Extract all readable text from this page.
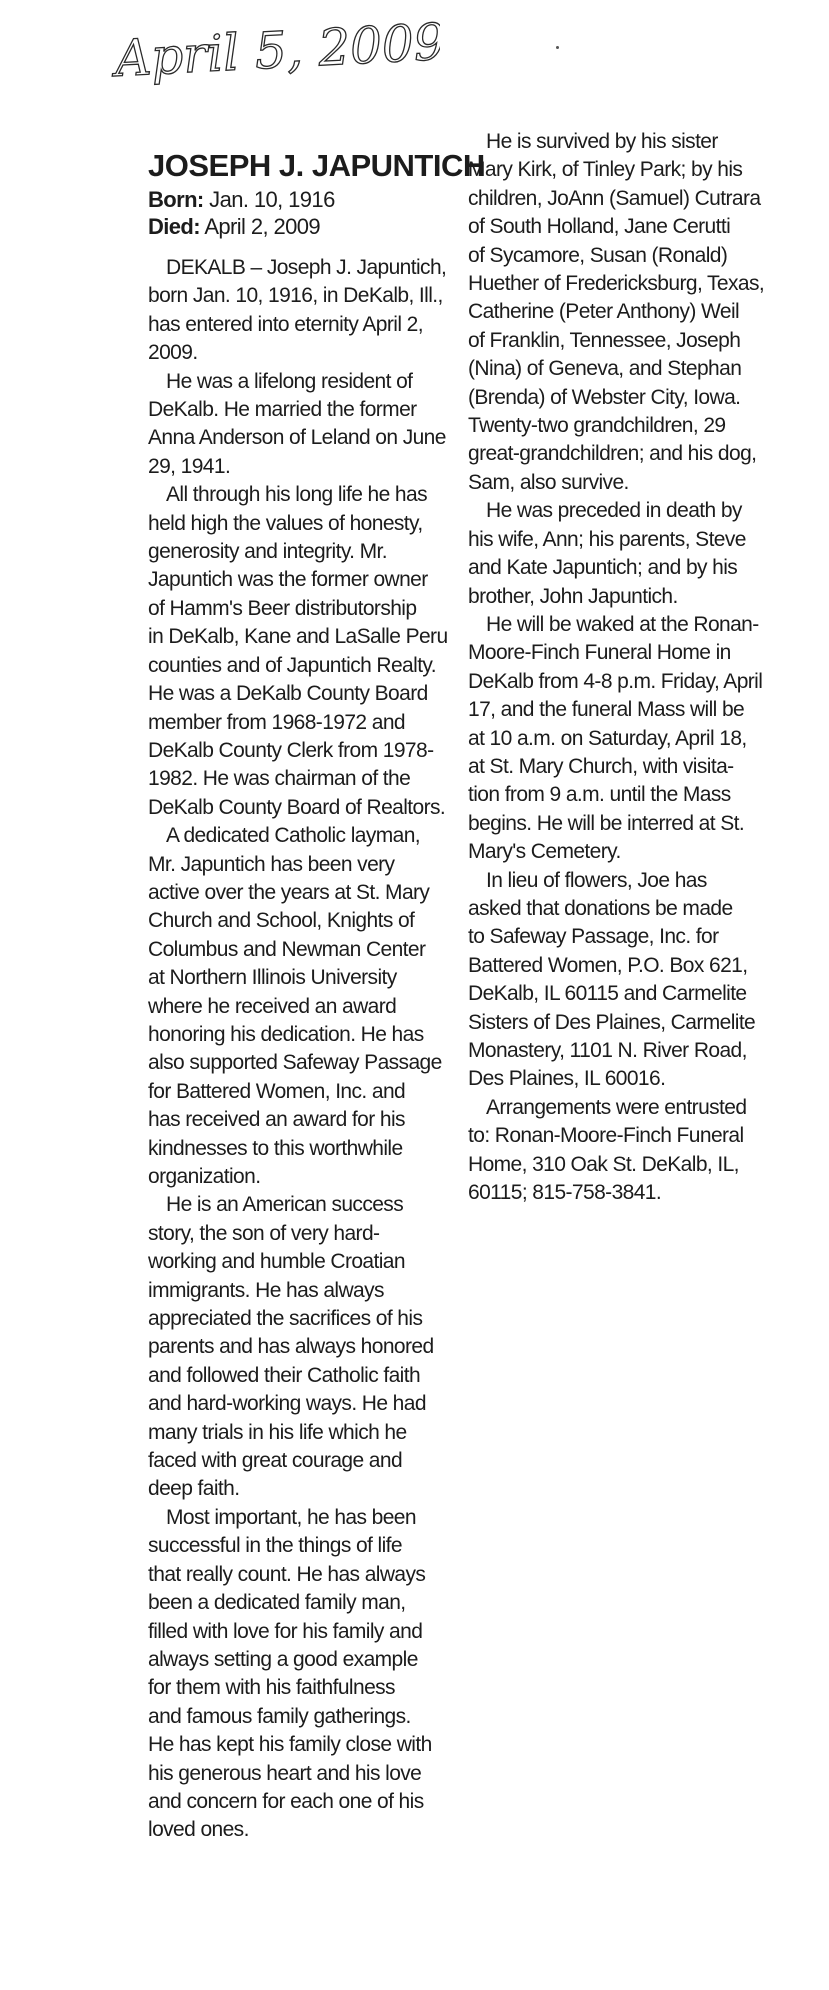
April 5, 2009
JOSEPH J. JAPUNTICH
Born: Jan. 10, 1916
Died: April 2, 2009
DEKALB – Joseph J. Japuntich,
born Jan. 10, 1916, in DeKalb, Ill.,
has entered into eternity April 2,
2009.
He was a lifelong resident of
DeKalb. He married the former
Anna Anderson of Leland on June
29, 1941.
All through his long life he has
held high the values of honesty,
generosity and integrity. Mr.
Japuntich was the former owner
of Hamm's Beer distributorship
in DeKalb, Kane and LaSalle Peru
counties and of Japuntich Realty.
He was a DeKalb County Board
member from 1968-1972 and
DeKalb County Clerk from 1978-
1982. He was chairman of the
DeKalb County Board of Realtors.
A dedicated Catholic layman,
Mr. Japuntich has been very
active over the years at St. Mary
Church and School, Knights of
Columbus and Newman Center
at Northern Illinois University
where he received an award
honoring his dedication. He has
also supported Safeway Passage
for Battered Women, Inc. and
has received an award for his
kindnesses to this worthwhile
organization.
He is an American success
story, the son of very hard-
working and humble Croatian
immigrants. He has always
appreciated the sacrifices of his
parents and has always honored
and followed their Catholic faith
and hard-working ways. He had
many trials in his life which he
faced with great courage and
deep faith.
Most important, he has been
successful in the things of life
that really count. He has always
been a dedicated family man,
filled with love for his family and
always setting a good example
for them with his faithfulness
and famous family gatherings.
He has kept his family close with
his generous heart and his love
and concern for each one of his
loved ones.
He is survived by his sister
Mary Kirk, of Tinley Park; by his
children, JoAnn (Samuel) Cutrara
of South Holland, Jane Cerutti
of Sycamore, Susan (Ronald)
Huether of Fredericksburg, Texas,
Catherine (Peter Anthony) Weil
of Franklin, Tennessee, Joseph
(Nina) of Geneva, and Stephan
(Brenda) of Webster City, Iowa.
Twenty-two grandchildren, 29
great-grandchildren; and his dog,
Sam, also survive.
He was preceded in death by
his wife, Ann; his parents, Steve
and Kate Japuntich; and by his
brother, John Japuntich.
He will be waked at the Ronan-
Moore-Finch Funeral Home in
DeKalb from 4-8 p.m. Friday, April
17, and the funeral Mass will be
at 10 a.m. on Saturday, April 18,
at St. Mary Church, with visita-
tion from 9 a.m. until the Mass
begins. He will be interred at St.
Mary's Cemetery.
In lieu of flowers, Joe has
asked that donations be made
to Safeway Passage, Inc. for
Battered Women, P.O. Box 621,
DeKalb, IL 60115 and Carmelite
Sisters of Des Plaines, Carmelite
Monastery, 1101 N. River Road,
Des Plaines, IL 60016.
Arrangements were entrusted
to: Ronan-Moore-Finch Funeral
Home, 310 Oak St. DeKalb, IL,
60115; 815-758-3841.
